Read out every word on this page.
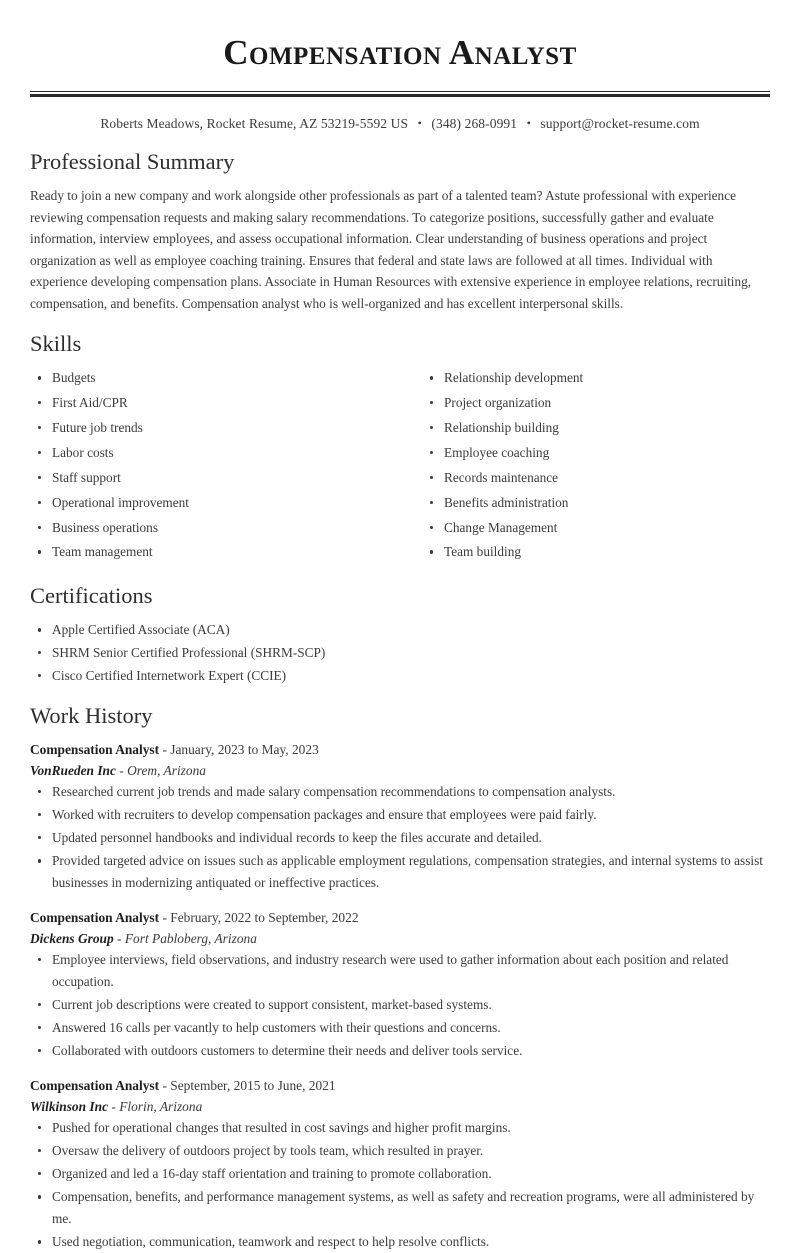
Compensation Analyst
Roberts Meadows, Rocket Resume, AZ 53219-5592 US • (348) 268-0991 • support@rocket-resume.com
Professional Summary

Ready to join a new company and work alongside other professionals as part of a talented team? Astute professional with experience reviewing compensation requests and making salary recommendations. To categorize positions, successfully gather and evaluate information, interview employees, and assess occupational information. Clear understanding of business operations and project organization as well as employee coaching training. Ensures that federal and state laws are followed at all times. Individual with experience developing compensation plans. Associate in Human Resources with extensive experience in employee relations, recruiting, compensation, and benefits. Compensation analyst who is well-organized and has excellent interpersonal skills.

Skills
Budgets
First Aid/CPR
Future job trends
Labor costs
Staff support
Operational improvement
Business operations
Team management
Relationship development
Project organization
Relationship building
Employee coaching
Records maintenance
Benefits administration
Change Management
Team building
Certifications
Apple Certified Associate (ACA)
SHRM Senior Certified Professional (SHRM-SCP)
Cisco Certified Internetwork Expert (CCIE)
Work History
Compensation Analyst - January, 2023 to May, 2023
VonRueden Inc - Orem, Arizona
Researched current job trends and made salary compensation recommendations to compensation analysts.
Worked with recruiters to develop compensation packages and ensure that employees were paid fairly.
Updated personnel handbooks and individual records to keep the files accurate and detailed.
Provided targeted advice on issues such as applicable employment regulations, compensation strategies, and internal systems to assist businesses in modernizing antiquated or ineffective practices.
Compensation Analyst - February, 2022 to September, 2022
Dickens Group - Fort Pabloberg, Arizona
Employee interviews, field observations, and industry research were used to gather information about each position and related occupation.
Current job descriptions were created to support consistent, market-based systems.
Answered 16 calls per vacantly to help customers with their questions and concerns.
Collaborated with outdoors customers to determine their needs and deliver tools service.
Compensation Analyst - September, 2015 to June, 2021
Wilkinson Inc - Florin, Arizona
Pushed for operational changes that resulted in cost savings and higher profit margins.
Oversaw the delivery of outdoors project by tools team, which resulted in prayer.
Organized and led a 16-day staff orientation and training to promote collaboration.
Compensation, benefits, and performance management systems, as well as safety and recreation programs, were all administered by me.
Used negotiation, communication, teamwork and respect to help resolve conflicts.
